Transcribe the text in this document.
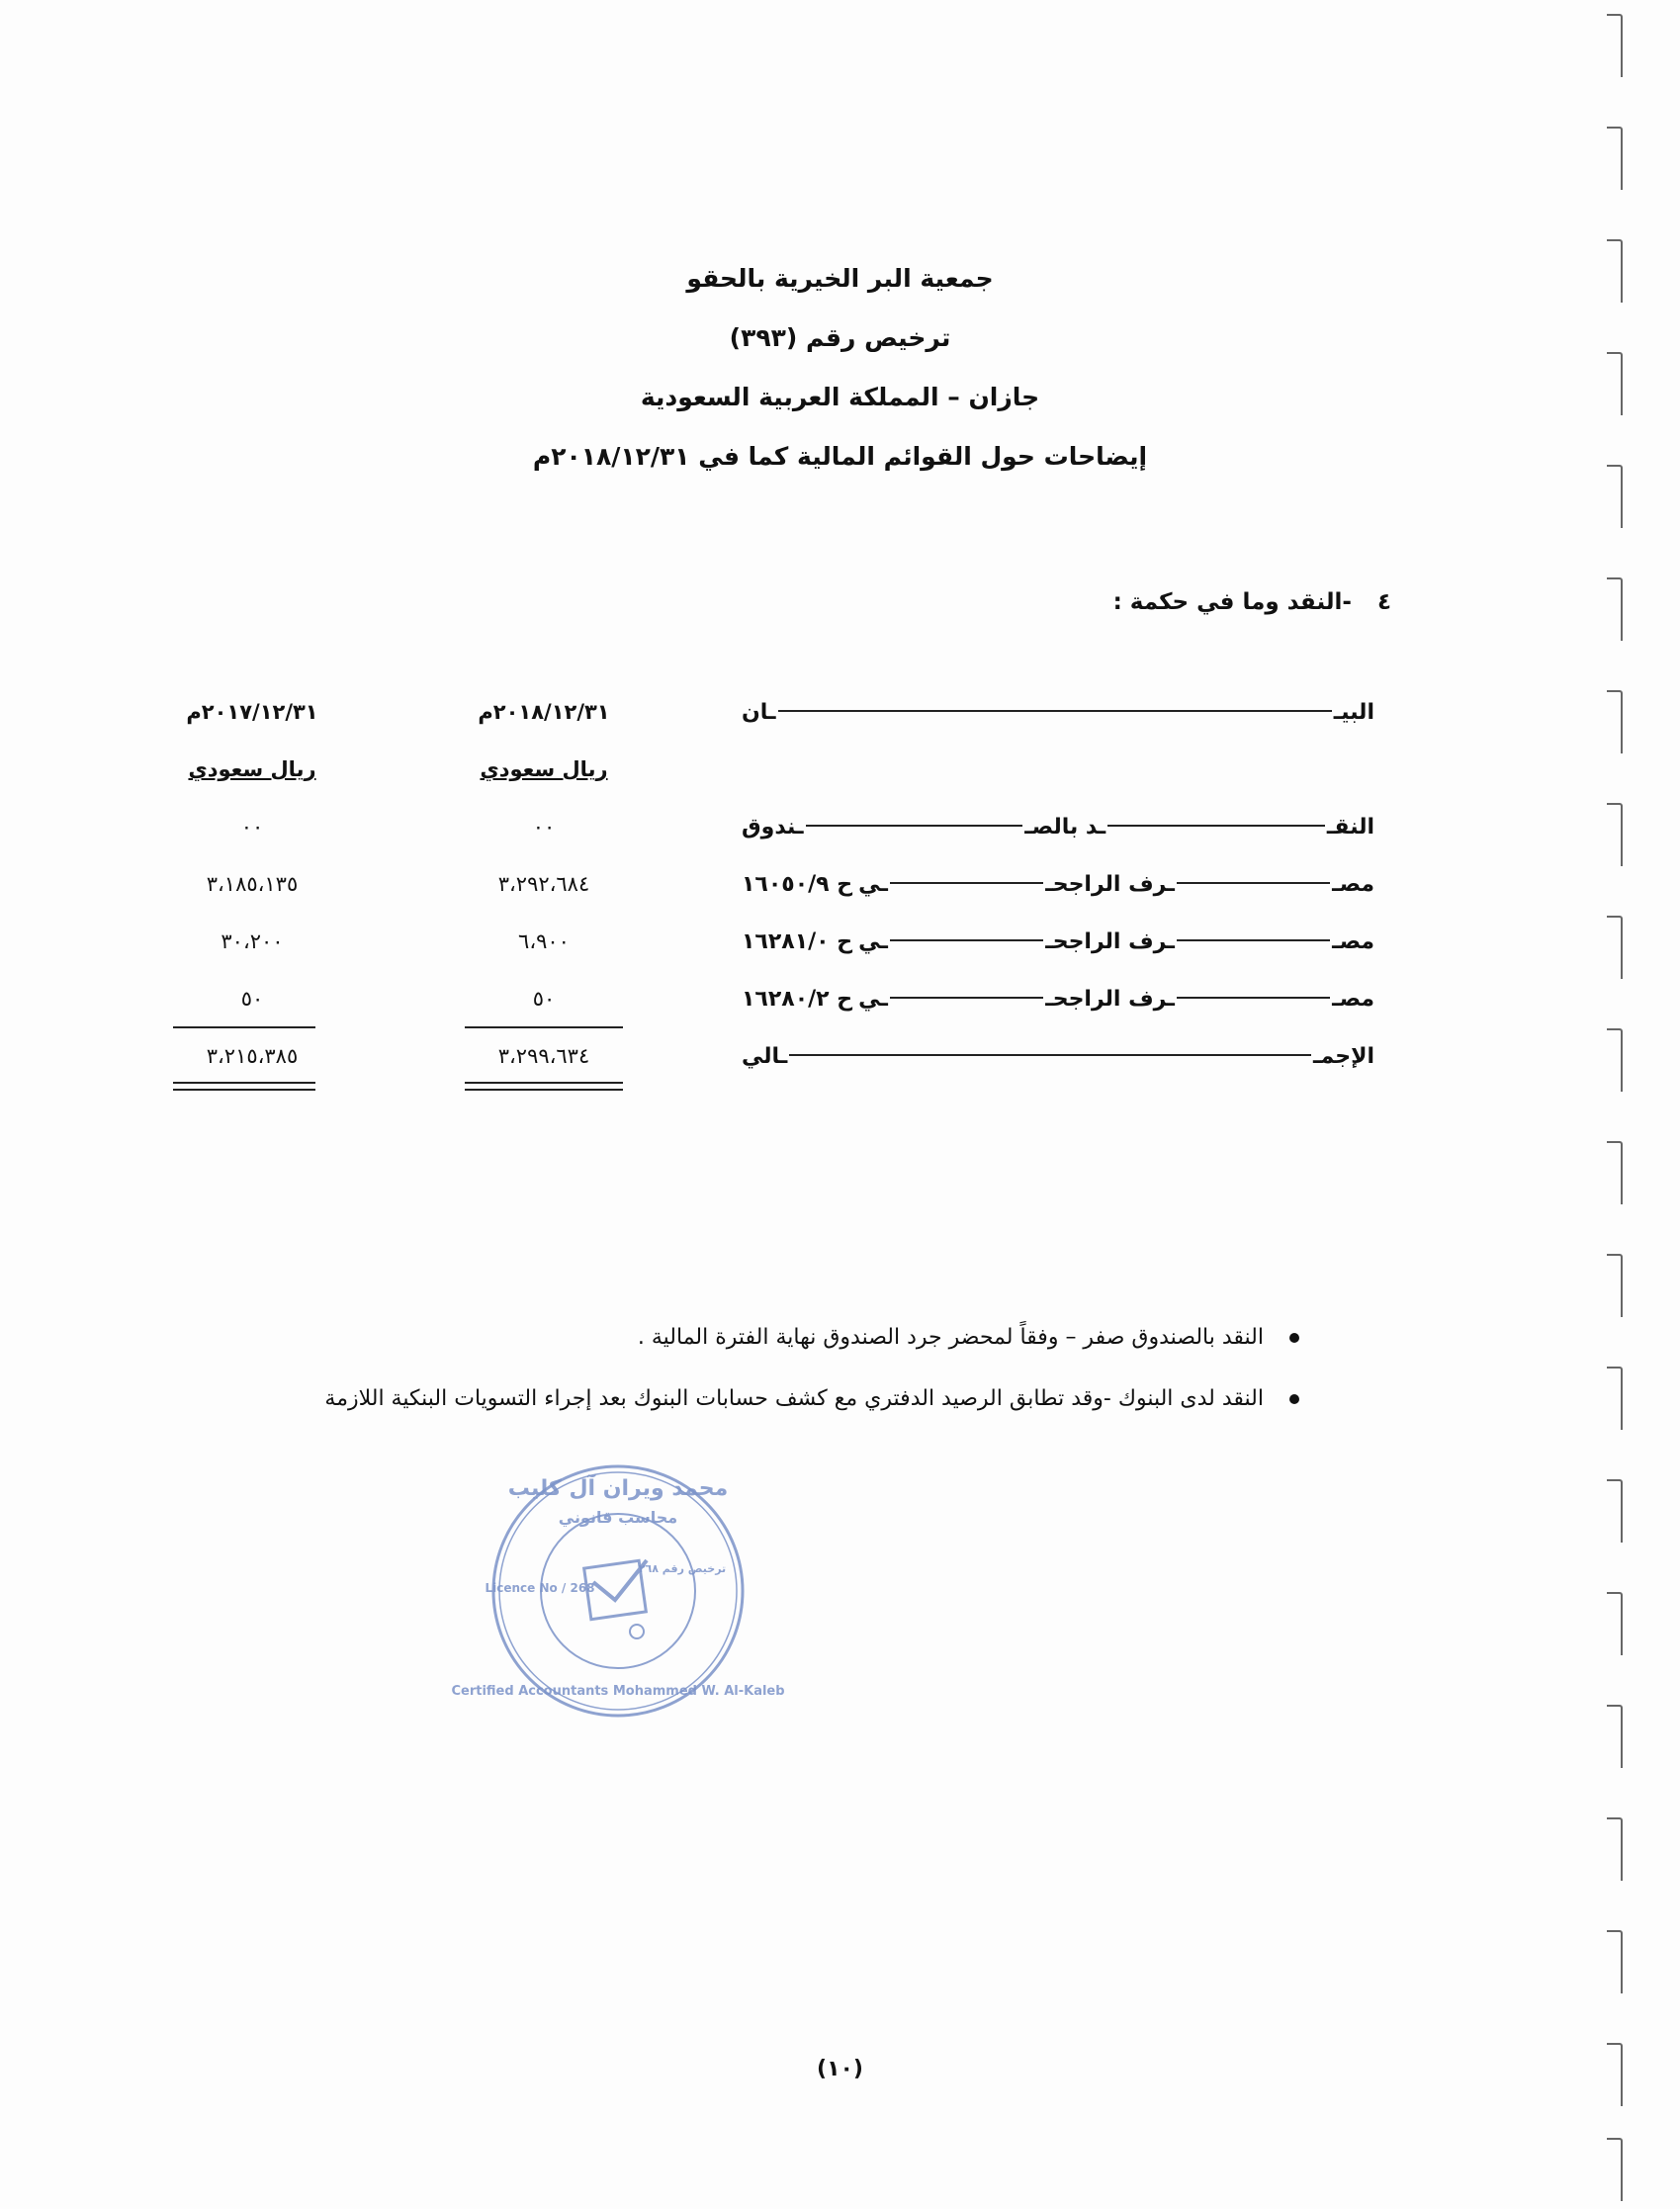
جمعية البر الخيرية بالحقو
ترخيص رقم (٣٩٣)
جازان – المملكة العربية السعودية
إيضاحات حول القوائم المالية كما في ٢٠١٨/١٢/٣١م
٤ -النقد وما في حكمة :
البيـ
ـان
٢٠١٨/١٢/٣١م
٢٠١٧/١٢/٣١م
ريال سعودي
ريال سعودي
النقـ
ـد بالصـ
ـندوق
٠٠
٠٠
مصـ
ـرف الراجحـ
ـي
ح ١٦٠٥٠/٩
٣،٢٩٢،٦٨٤
٣،١٨٥،١٣٥
مصـ
ـرف الراجحـ
ـي
ح ١٦٢٨١/٠
٦،٩٠٠
٣٠،٢٠٠
مصـ
ـرف الراجحـ
ـي
ح ١٦٢٨٠/٢
٥٠
٥٠
الإجمـ
ـالي
٣،٢٩٩،٦٣٤
٣،٢١٥،٣٨٥
النقد بالصندوق صفر – وفقاً لمحضر جرد الصندوق نهاية الفترة المالية .
النقد لدى البنوك -وقد تطابق الرصيد الدفتري مع كشف حسابات البنوك بعد إجراء التسويات البنكية اللازمة
محمد ويران آل كليب
محاسب قانوني
ترخيص رقم ٢٦٨
Licence No / 268
Certified Accountants Mohammed W. Al-Kaleb
(١٠)
